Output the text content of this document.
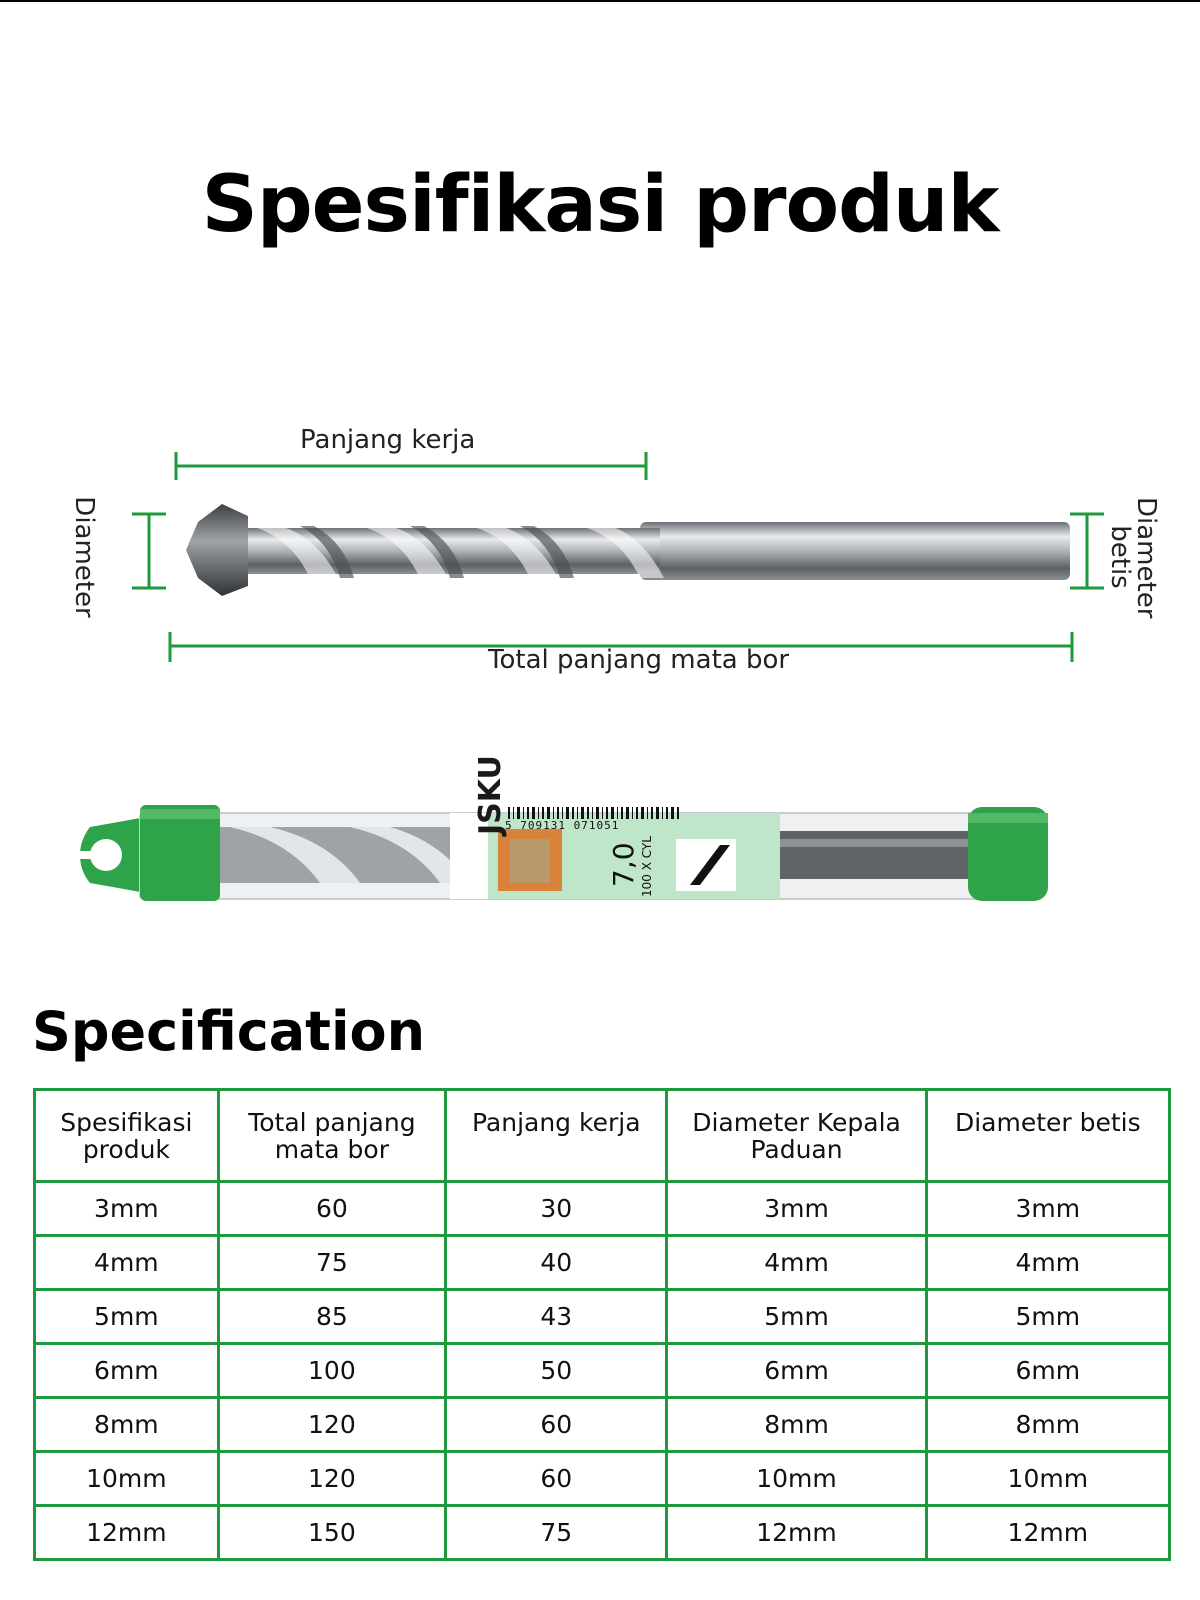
Spesifikasi produk
Panjang kerja
Total panjang mata bor
Diameter	Diameter betis
JSKU
7,0 100 X CYL
5 709131 071051
Specification
Spesifikasi produk	Total panjang mata bor	Panjang kerja	Diameter Kepala Paduan	Diameter betis
3mm	60	30	3mm	3mm
4mm	75	40	4mm	4mm
5mm	85	43	5mm	5mm
6mm	100	50	6mm	6mm
8mm	120	60	8mm	8mm
10mm	120	60	10mm	10mm
12mm	150	75	12mm	12mm
